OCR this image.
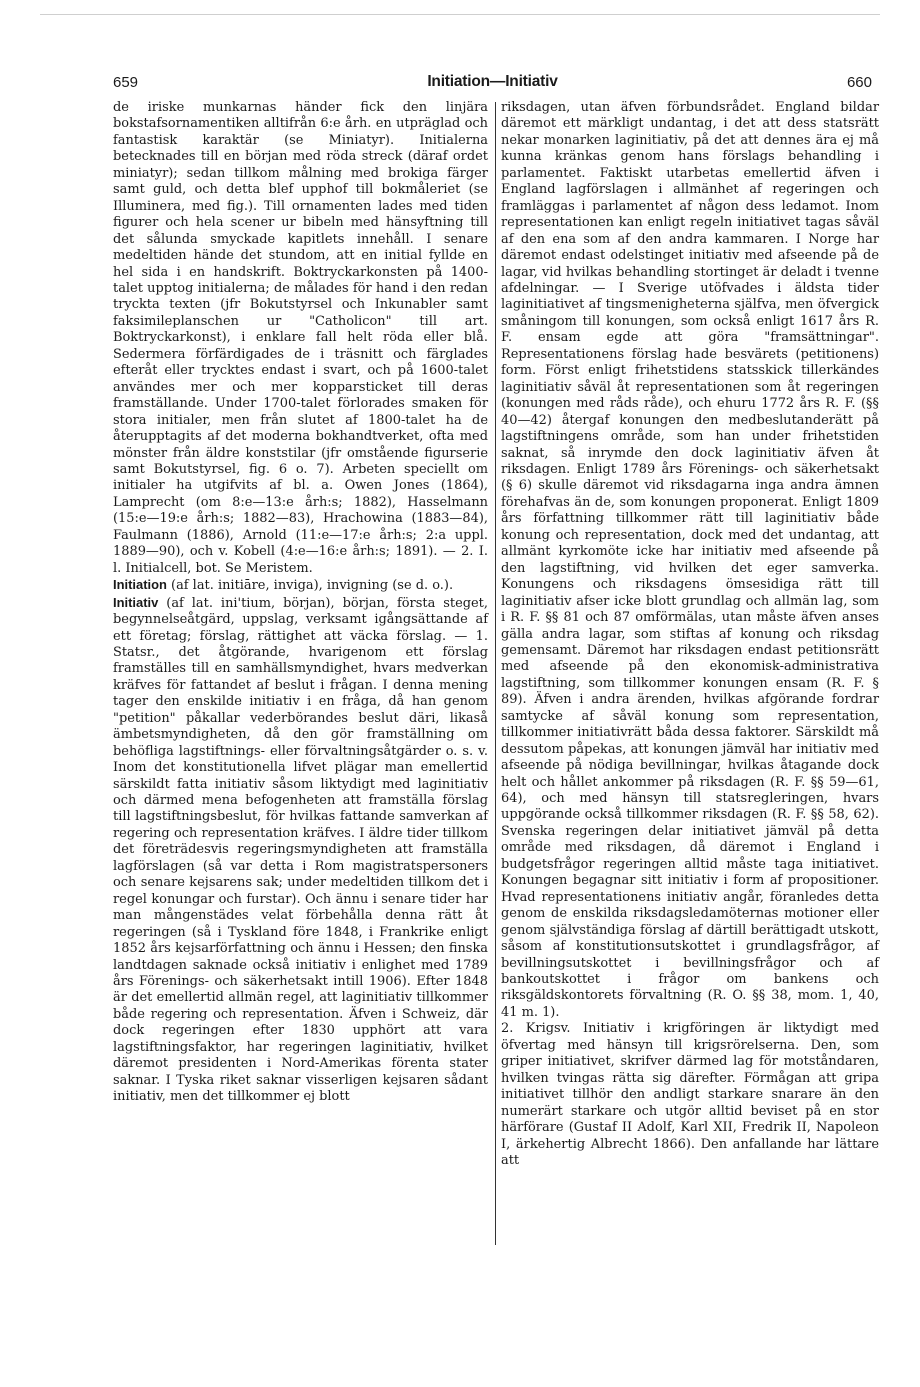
659	Initiation—Initiativ	660

de iriske munkarnas händer fick den linjära bokstafsornamentiken alltifrån 6:e årh. en utpräglad och fantastisk karaktär (se Miniatyr). Initialerna betecknades till en början med röda streck (däraf ordet miniatyr); sedan tillkom målning med brokiga färger samt guld, och detta blef upphof till bokmåleriet (se Illuminera, med fig.). Till ornamenten lades med tiden figurer och hela scener ur bibeln med hänsyftning till det sålunda smyckade kapitlets innehåll. I senare medeltiden hände det stundom, att en initial fyllde en hel sida i en handskrift. Boktryckarkonsten på 1400-talet upptog initialerna; de målades för hand i den redan tryckta texten (jfr Bokutstyrsel och Inkunabler samt faksimileplanschen ur "Catholicon" till art. Boktryckarkonst), i enklare fall helt röda eller blå. Sedermera förfärdigades de i träsnitt och färglades efteråt eller trycktes endast i svart, och på 1600-talet användes mer och mer kopparsticket till deras framställande. Under 1700-talet förlorades smaken för stora initialer, men från slutet af 1800-talet ha de återupptagits af det moderna bokhandtverket, ofta med mönster från äldre konststilar (jfr omstående figurserie samt Bokutstyrsel, fig. 6 o. 7). Arbeten speciellt om initialer ha utgifvits af bl. a. Owen Jones (1864), Lamprecht (om 8:e—13:e årh:s; 1882), Hasselmann (15:e—19:e årh:s; 1882—83), Hrachowina (1883—84), Faulmann (1886), Arnold (11:e—17:e årh:s; 2:a uppl. 1889—90), och v. Kobell (4:e—16:e årh:s; 1891). — 2. I. l. Initialcell, bot. Se Meristem.

Initiation (af lat. initiāre, inviga), invigning (se d. o.).

Initiativ (af lat. ini'tium, början), början, första steget, begynnelseåtgärd, uppslag, verksamt igångsättande af ett företag; förslag, rättighet att väcka förslag. — 1. Statsr., det åtgörande, hvarigenom ett förslag framställes till en samhällsmyndighet, hvars medverkan kräfves för fattandet af beslut i frågan. I denna mening tager den enskilde initiativ i en fråga, då han genom "petition" påkallar vederbörandes beslut däri, likaså ämbetsmyndigheten, då den gör framställning om behöfliga lagstiftnings- eller förvaltningsåtgärder o. s. v. Inom det konstitutionella lifvet plägar man emellertid särskildt fatta initiativ såsom liktydigt med laginitiativ och därmed mena befogenheten att framställa förslag till lagstiftningsbeslut, för hvilkas fattande samverkan af regering och representation kräfves. I äldre tider tillkom det företrädesvis regeringsmyndigheten att framställa lagförslagen (så var detta i Rom magistratspersoners och senare kejsarens sak; under medeltiden tillkom det i regel konungar och furstar). Och ännu i senare tider har man mångenstädes velat förbehålla denna rätt åt regeringen (så i Tyskland före 1848, i Frankrike enligt 1852 års kejsarförfattning och ännu i Hessen; den finska landtdagen saknade också initiativ i enlighet med 1789 års Förenings- och säkerhetsakt intill 1906). Efter 1848 är det emellertid allmän regel, att laginitiativ tillkommer både regering och representation. Äfven i Schweiz, där dock regeringen efter 1830 upphört att vara lagstiftningsfaktor, har regeringen laginitiativ, hvilket däremot presidenten i Nord-Amerikas förenta stater saknar. I Tyska riket saknar visserligen kejsaren sådant initiativ, men det tillkommer ej blott

riksdagen, utan äfven förbundsrådet. England bildar däremot ett märkligt undantag, i det att dess statsrätt nekar monarken laginitiativ, på det att dennes ära ej må kunna kränkas genom hans förslags behandling i parlamentet. Faktiskt utarbetas emellertid äfven i England lagförslagen i allmänhet af regeringen och framläggas i parlamentet af någon dess ledamot. Inom representationen kan enligt regeln initiativet tagas såväl af den ena som af den andra kammaren. I Norge har däremot endast odelstinget initiativ med afseende på de lagar, vid hvilkas behandling stortinget är deladt i tvenne afdelningar. — I Sverige utöfvades i äldsta tider laginitiativet af tingsmenigheterna själfva, men öfvergick småningom till konungen, som också enligt 1617 års R. F. ensam egde att göra "framsättningar". Representationens förslag hade besvärets (petitionens) form. Först enligt frihetstidens statsskick tillerkändes laginitiativ såväl åt representationen som åt regeringen (konungen med råds råde), och ehuru 1772 års R. F. (§§ 40—42) återgaf konungen den medbeslutanderätt på lagstiftningens område, som han under frihetstiden saknat, så inrymde den dock laginitiativ äfven åt riksdagen. Enligt 1789 års Förenings- och säkerhetsakt (§ 6) skulle däremot vid riksdagarna inga andra ämnen förehafvas än de, som konungen proponerat. Enligt 1809 års författning tillkommer rätt till laginitiativ både konung och representation, dock med det undantag, att allmänt kyrkomöte icke har initiativ med afseende på den lagstiftning, vid hvilken det eger samverka. Konungens och riksdagens ömsesidiga rätt till laginitiativ afser icke blott grundlag och allmän lag, som i R. F. §§ 81 och 87 omförmälas, utan måste äfven anses gälla andra lagar, som stiftas af konung och riksdag gemensamt. Däremot har riksdagen endast petitionsrätt med afseende på den ekonomisk-administrativa lagstiftning, som tillkommer konungen ensam (R. F. § 89). Äfven i andra ärenden, hvilkas afgörande fordrar samtycke af såväl konung som representation, tillkommer initiativrätt båda dessa faktorer. Särskildt må dessutom påpekas, att konungen jämväl har initiativ med afseende på nödiga bevillningar, hvilkas åtagande dock helt och hållet ankommer på riksdagen (R. F. §§ 59—61, 64), och med hänsyn till statsregleringen, hvars uppgörande också tillkommer riksdagen (R. F. §§ 58, 62). Svenska regeringen delar initiativet jämväl på detta område med riksdagen, då däremot i England i budgetsfrågor regeringen alltid måste taga initiativet. Konungen begagnar sitt initiativ i form af propositioner. Hvad representationens initiativ angår, föranledes detta genom de enskilda riksdagsledamöternas motioner eller genom självständiga förslag af därtill berättigadt utskott, såsom af konstitutionsutskottet i grundlagsfrågor, af bevillningsutskottet i bevillningsfrågor och af bankoutskottet i frågor om bankens och riksgäldskontorets förvaltning (R. O. §§ 38, mom. 1, 40, 41 m. 1).

2. Krigsv. Initiativ i krigföringen är liktydigt med öfvertag med hänsyn till krigsrörelserna. Den, som griper initiativet, skrifver därmed lag för motståndaren, hvilken tvingas rätta sig därefter. Förmågan att gripa initiativet tillhör den andligt starkare snarare än den numerärt starkare och utgör alltid beviset på en stor härförare (Gustaf II Adolf, Karl XII, Fredrik II, Napoleon I, ärkehertig Albrecht 1866). Den anfallande har lättare att
